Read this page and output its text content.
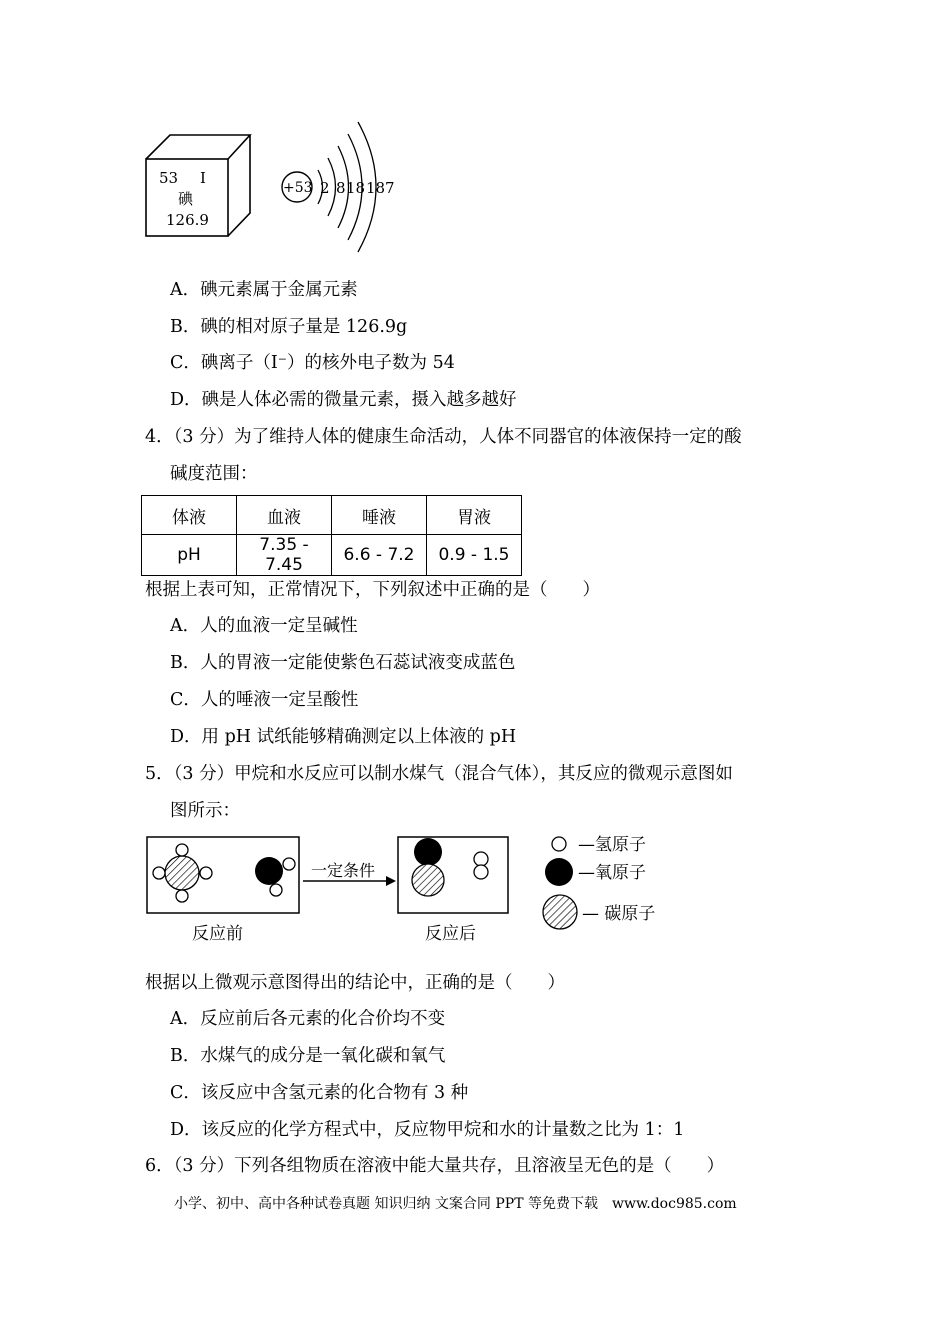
53 I
碘
126.9
+53 2 8 18 18 7
A．碘元素属于金属元素
B．碘的相对原子量是 126.9g
C．碘离子（I⁻）的核外电子数为 54
D．碘是人体必需的微量元素，摄入越多越好
4．（3 分）为了维持人体的健康生命活动，人体不同器官的体液保持一定的酸
碱度范围：
体液	血液	唾液	胃液
pH	7.35 ‐ 7.45	6.6 ‐ 7.2	0.9 ‐ 1.5
根据上表可知，正常情况下，下列叙述中正确的是（　　）
A．人的血液一定呈碱性
B．人的胃液一定能使紫色石蕊试液变成蓝色
C．人的唾液一定呈酸性
D．用 pH 试纸能够精确测定以上体液的 pH
5．（3 分）甲烷和水反应可以制水煤气（混合气体），其反应的微观示意图如
图所示：
一定条件
反应前	反应后
—氢原子
—氧原子
— 碳原子
根据以上微观示意图得出的结论中，正确的是（　　）
A．反应前后各元素的化合价均不变
B．水煤气的成分是一氧化碳和氧气
C．该反应中含氢元素的化合物有 3 种
D．该反应的化学方程式中，反应物甲烷和水的计量数之比为 1：1
6．（3 分）下列各组物质在溶液中能大量共存，且溶液呈无色的是（　　）
小学、初中、高中各种试卷真题 知识归纳 文案合同 PPT 等免费下载　www.doc985.com
